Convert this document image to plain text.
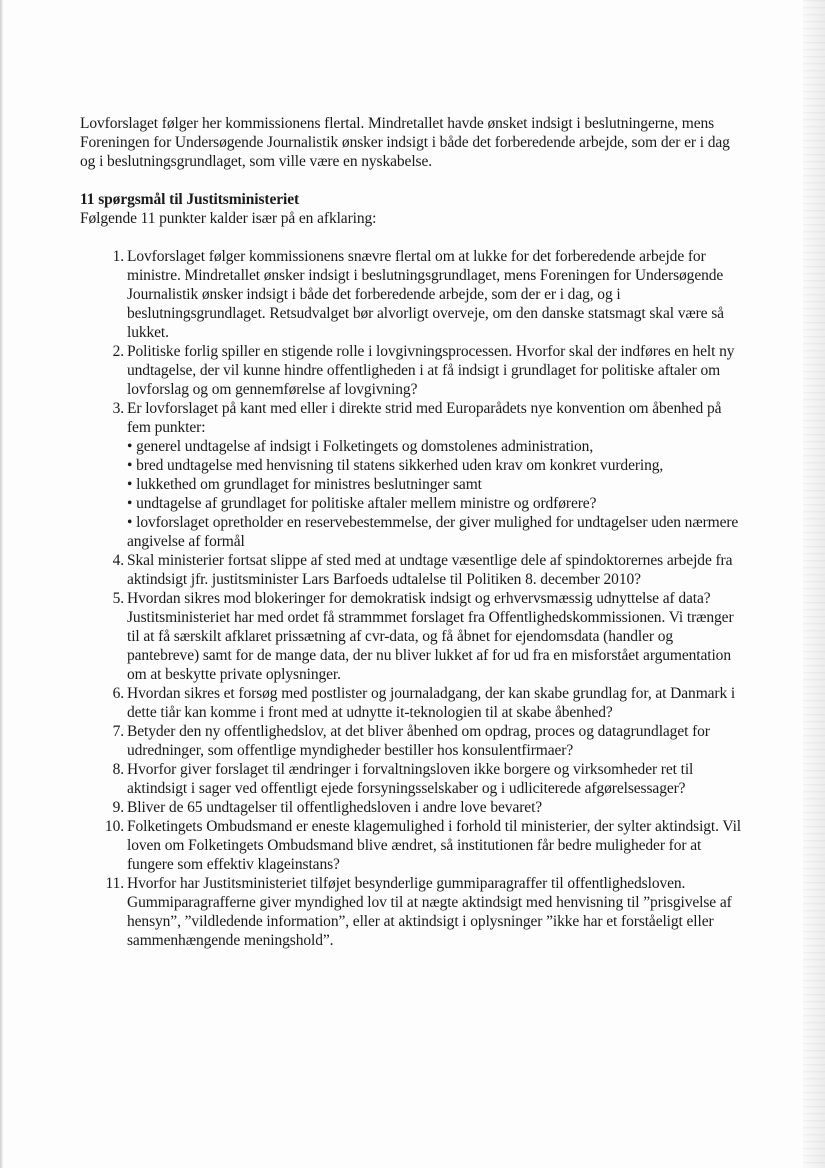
Lovforslaget følger her kommissionens flertal. Mindretallet havde ønsket indsigt i beslutningerne, mens Foreningen for Undersøgende Journalistik ønsker indsigt i både det forberedende arbejde, som der er i dag og i beslutningsgrundlaget, som ville være en nyskabelse.

11 spørgsmål til Justitsministeriet

Følgende 11 punkter kalder især på en afklaring:

1. Lovforslaget følger kommissionens snævre flertal om at lukke for det forberedende arbejde for ministre. Mindretallet ønsker indsigt i beslutningsgrundlaget, mens Foreningen for Undersøgende Journalistik ønsker indsigt i både det forberedende arbejde, som der er i dag, og i beslutningsgrundlaget. Retsudvalget bør alvorligt overveje, om den danske statsmagt skal være så lukket.
2. Politiske forlig spiller en stigende rolle i lovgivningsprocessen. Hvorfor skal der indføres en helt ny undtagelse, der vil kunne hindre offentligheden i at få indsigt i grundlaget for politiske aftaler om lovforslag og om gennemførelse af lovgivning?
3. Er lovforslaget på kant med eller i direkte strid med Europarådets nye konvention om åbenhed på fem punkter:
• generel undtagelse af indsigt i Folketingets og domstolenes administration,
• bred undtagelse med henvisning til statens sikkerhed uden krav om konkret vurdering,
• lukkethed om grundlaget for ministres beslutninger samt
• undtagelse af grundlaget for politiske aftaler mellem ministre og ordførere?
• lovforslaget opretholder en reservebestemmelse, der giver mulighed for undtagelser uden nærmere angivelse af formål
4. Skal ministerier fortsat slippe af sted med at undtage væsentlige dele af spindoktorernes arbejde fra aktindsigt jfr. justitsminister Lars Barfoeds udtalelse til Politiken 8. december 2010?
5. Hvordan sikres mod blokeringer for demokratisk indsigt og erhvervsmæssig udnyttelse af data? Justitsministeriet har med ordet få strammmet forslaget fra Offentlighedskommissionen. Vi trænger til at få særskilt afklaret prissætning af cvr-data, og få åbnet for ejendomsdata (handler og pantebreve) samt for de mange data, der nu bliver lukket af for ud fra en misforstået argumentation om at beskytte private oplysninger.
6. Hvordan sikres et forsøg med postlister og journaladgang, der kan skabe grundlag for, at Danmark i dette tiår kan komme i front med at udnytte it-teknologien til at skabe åbenhed?
7. Betyder den ny offentlighedslov, at det bliver åbenhed om opdrag, proces og datagrundlaget for udredninger, som offentlige myndigheder bestiller hos konsulentfirmaer?
8. Hvorfor giver forslaget til ændringer i forvaltningsloven ikke borgere og virksomheder ret til aktindsigt i sager ved offentligt ejede forsyningsselskaber og i udliciterede afgørelsessager?
9. Bliver de 65 undtagelser til offentlighedsloven i andre love bevaret?
10. Folketingets Ombudsmand er eneste klagemulighed i forhold til ministerier, der sylter aktindsigt. Vil loven om Folketingets Ombudsmand blive ændret, så institutionen får bedre muligheder for at fungere som effektiv klageinstans?
11. Hvorfor har Justitsministeriet tilføjet besynderlige gummiparagraffer til offentlighedsloven. Gummiparagrafferne giver myndighed lov til at nægte aktindsigt med henvisning til ”prisgivelse af hensyn”, ”vildledende information”, eller at aktindsigt i oplysninger ”ikke har et forståeligt eller sammenhængende meningshold”.
